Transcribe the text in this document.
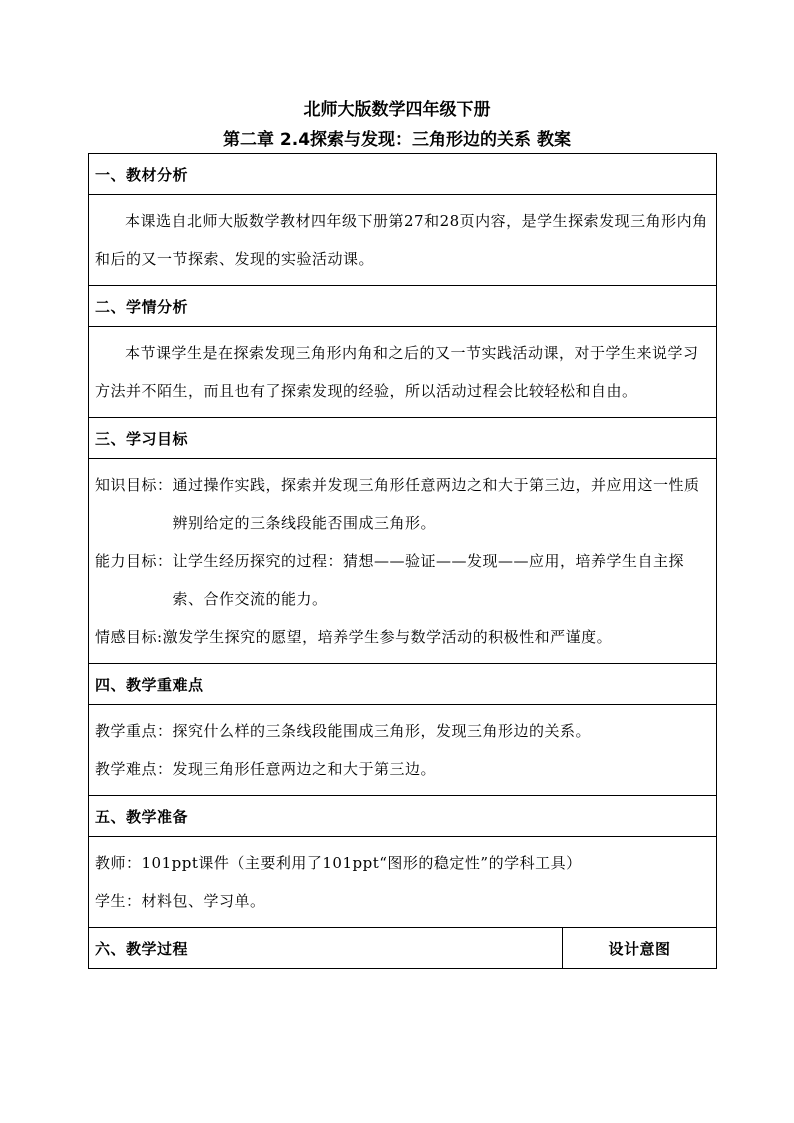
北师大版数学四年级下册
第二章 2.4探索与发现：三角形边的关系 教案
一、教材分析

本课选自北师大版数学教材四年级下册第27和28页内容，是学生探索发现三角形内角和后的又一节探索、发现的实验活动课。

二、学情分析

本节课学生是在探索发现三角形内角和之后的又一节实践活动课，对于学生来说学习方法并不陌生，而且也有了探索发现的经验，所以活动过程会比较轻松和自由。

三、学习目标

知识目标： 通过操作实践，探索并发现三角形任意两边之和大于第三边，并应用这一性质辨别给定的三条线段能否围成三角形。
能力目标： 让学生经历探究的过程：猜想——验证——发现——应用，培养学生自主探索、合作交流的能力。
情感目标: 激发学生探究的愿望，培养学生参与数学活动的积极性和严谨度。

四、教学重难点

教学重点：探究什么样的三条线段能围成三角形，发现三角形边的关系。

教学难点：发现三角形任意两边之和大于第三边。

五、教学准备

教师：101ppt课件（主要利用了101ppt“图形的稳定性”的学科工具）

学生：材料包、学习单。

六、教学过程	设计意图
